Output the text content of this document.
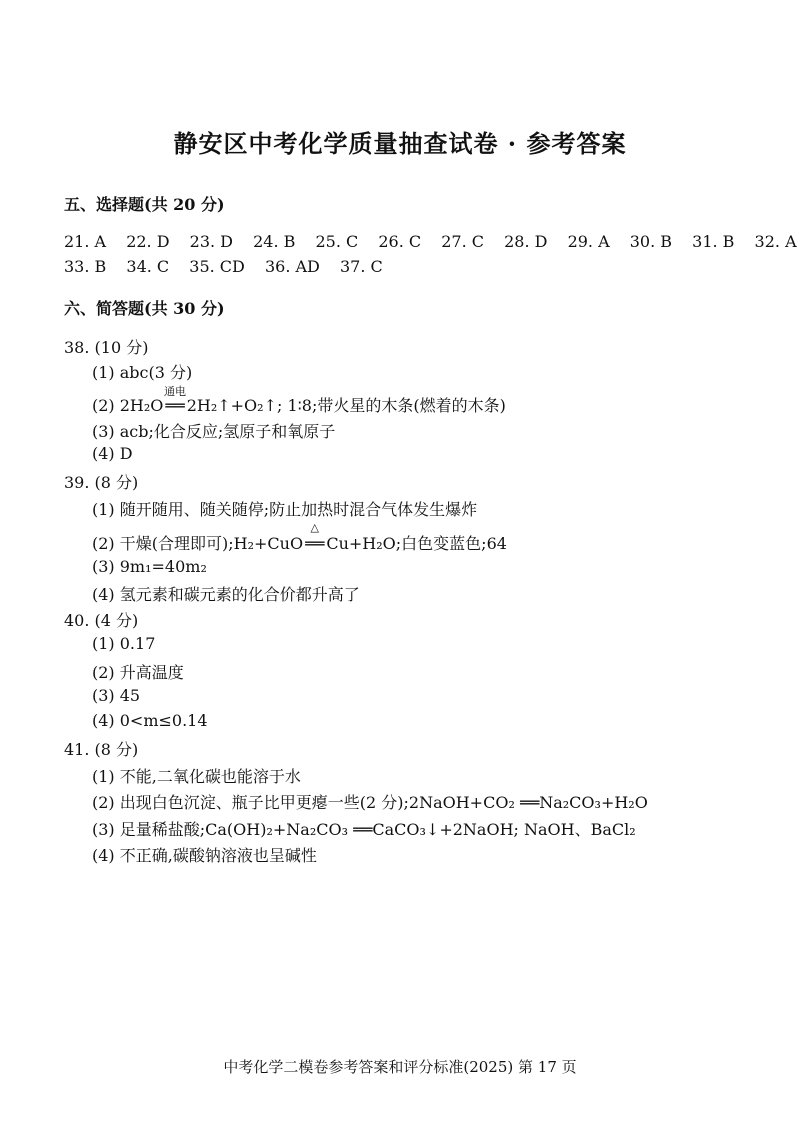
静安区中考化学质量抽查试卷 · 参考答案
五、选择题(共 20 分)
21. A 22. D 23. D 24. B 25. C 26. C 27. C 28. D 29. A 30. B 31. B 32. A
33. B 34. C 35. CD 36. AD 37. C
六、简答题(共 30 分)
38. (10 分)
(1) abc(3 分)
(2) 2H₂O
通电
══ 2H₂↑+O₂↑; 1∶8;带火星的木条(燃着的木条)
(3) acb;化合反应;氢原子和氧原子
(4) D
39. (8 分)
(1) 随开随用、随关随停;防止加热时混合气体发生爆炸
(2) 干燥(合理即可);H₂+CuO
△
══ Cu+H₂O;白色变蓝色;64
(3) 9m₁=40m₂
(4) 氢元素和碳元素的化合价都升高了
40. (4 分)
(1) 0.17
(2) 升高温度
(3) 45
(4) 0<m≤0.14
41. (8 分)
(1) 不能,二氧化碳也能溶于水
(2) 出现白色沉淀、瓶子比甲更瘪一些(2 分);2NaOH+CO₂ ══Na₂CO₃+H₂O
(3) 足量稀盐酸;Ca(OH)₂+Na₂CO₃ ══CaCO₃↓+2NaOH; NaOH、BaCl₂
(4) 不正确,碳酸钠溶液也呈碱性
中考化学二模卷参考答案和评分标准(2025) 第 17 页
